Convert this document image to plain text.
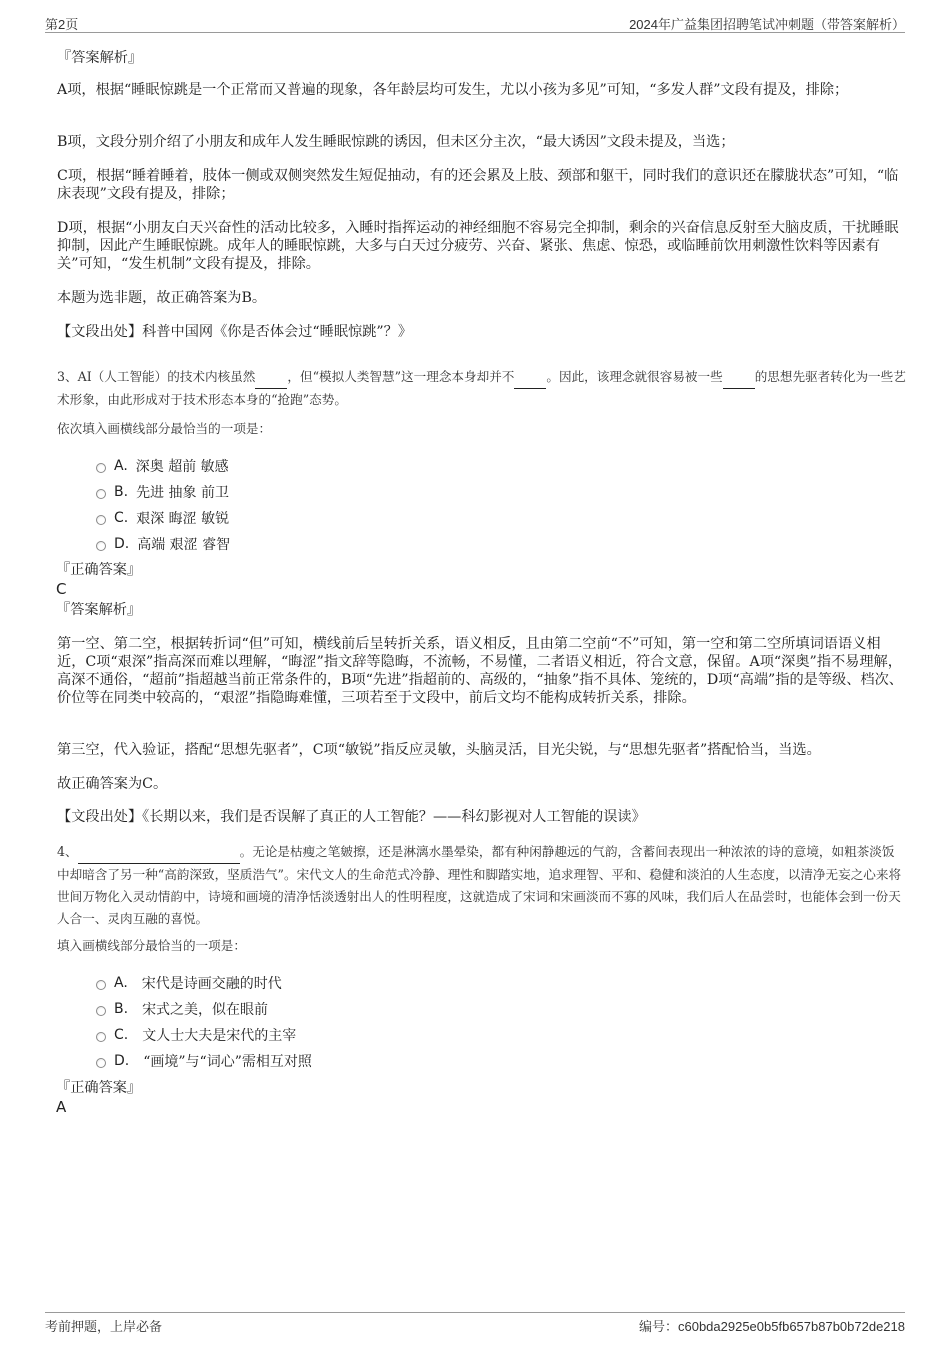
第2页	2024年广益集团招聘笔试冲刺题（带答案解析）
『答案解析』
A项，根据“睡眠惊跳是一个正常而又普遍的现象，各年龄层均可发生，尤以小孩为多见”可知，“多发人群”文段有提及，排除；
B项，文段分别介绍了小朋友和成年人发生睡眠惊跳的诱因，但未区分主次，“最大诱因”文段未提及，当选；
C项，根据“睡着睡着，肢体一侧或双侧突然发生短促抽动，有的还会累及上肢、颈部和躯干，同时我们的意识还在朦胧状态”可知，“临床表现”文段有提及，排除；
D项，根据“小朋友白天兴奋性的活动比较多，入睡时指挥运动的神经细胞不容易完全抑制，剩余的兴奋信息反射至大脑皮质，干扰睡眠抑制，因此产生睡眠惊跳。成年人的睡眠惊跳，大多与白天过分疲劳、兴奋、紧张、焦虑、惊恐，或临睡前饮用刺激性饮料等因素有关”可知，“发生机制”文段有提及，排除。
本题为选非题，故正确答案为B。
【文段出处】科普中国网《你是否体会过“睡眠惊跳”？》
3、AI（人工智能）的技术内核虽然	，但“模拟人类智慧”这一理念本身却并不	。因此，该理念就很容易被一些	的思想先驱者转化为一些艺术形象，由此形成对于技术形态本身的“抢跑”态势。
依次填入画横线部分最恰当的一项是：
A. 深奥 超前 敏感
B. 先进 抽象 前卫
C. 艰深 晦涩 敏锐
D. 高端 艰涩 睿智
『正确答案』
C
『答案解析』
第一空、第二空，根据转折词“但”可知，横线前后呈转折关系，语义相反，且由第二空前“不”可知，第一空和第二空所填词语语义相近，C项“艰深”指高深而难以理解，“晦涩”指文辞等隐晦，不流畅，不易懂，二者语义相近，符合文意，保留。A项“深奥”指不易理解，高深不通俗，“超前”指超越当前正常条件的，B项“先进”指超前的、高级的，“抽象”指不具体、笼统的，D项“高端”指的是等级、档次、价位等在同类中较高的，“艰涩”指隐晦难懂，三项若至于文段中，前后文均不能构成转折关系，排除。
第三空，代入验证，搭配“思想先驱者”，C项“敏锐”指反应灵敏，头脑灵活，目光尖锐，与“思想先驱者”搭配恰当，当选。
故正确答案为C。
【文段出处】《长期以来，我们是否误解了真正的人工智能？——科幻影视对人工智能的误读》
4、	。无论是枯瘦之笔皴擦，还是淋漓水墨晕染，都有种闲静趣远的气韵，含蓄间表现出一种浓浓的诗的意境，如粗茶淡饭中却暗含了另一种“高韵深致，坚质浩气”。宋代文人的生命范式冷静、理性和脚踏实地，追求理智、平和、稳健和淡泊的人生态度，以清净无妄之心来将世间万物化入灵动情韵中，诗境和画境的清净恬淡透射出人的性明程度，这就造成了宋词和宋画淡而不寡的风味，我们后人在品尝时，也能体会到一份天人合一、灵肉互融的喜悦。
填入画横线部分最恰当的一项是：
A. 宋代是诗画交融的时代
B. 宋式之美，似在眼前
C. 文人士大夫是宋代的主宰
D. “画境”与“词心”需相互对照
『正确答案』
A
考前押题，上岸必备	编号：c60bda2925e0b5fb657b87b0b72de218
